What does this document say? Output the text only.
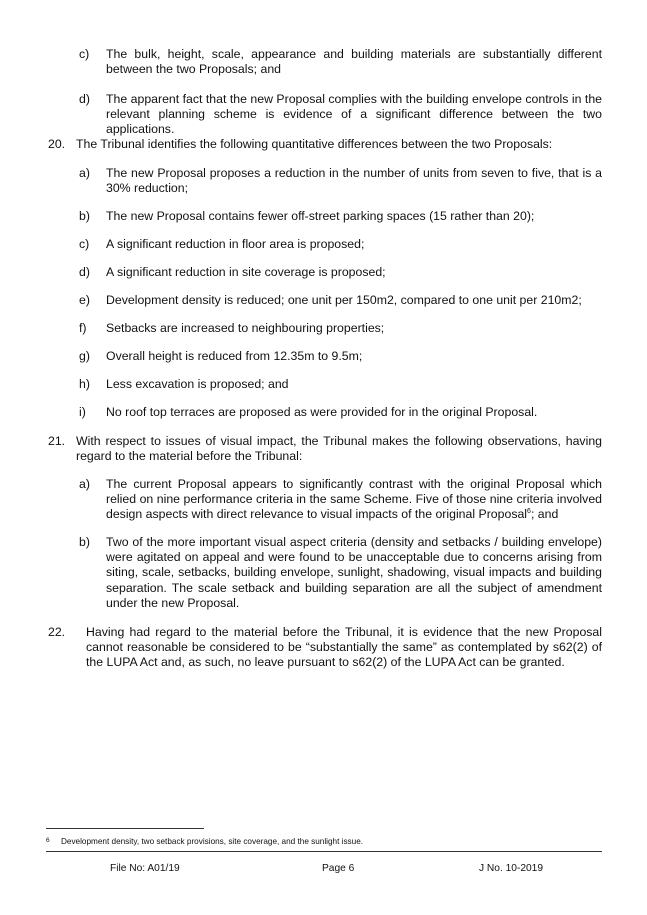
c) The bulk, height, scale, appearance and building materials are substantially different between the two Proposals; and
d) The apparent fact that the new Proposal complies with the building envelope controls in the relevant planning scheme is evidence of a significant difference between the two applications.
20. The Tribunal identifies the following quantitative differences between the two Proposals:
a) The new Proposal proposes a reduction in the number of units from seven to five, that is a 30% reduction;
b) The new Proposal contains fewer off-street parking spaces (15 rather than 20);
c) A significant reduction in floor area is proposed;
d) A significant reduction in site coverage is proposed;
e) Development density is reduced; one unit per 150m2, compared to one unit per 210m2;
f) Setbacks are increased to neighbouring properties;
g) Overall height is reduced from 12.35m to 9.5m;
h) Less excavation is proposed; and
i) No roof top terraces are proposed as were provided for in the original Proposal.
21. With respect to issues of visual impact, the Tribunal makes the following observations, having regard to the material before the Tribunal:
a) The current Proposal appears to significantly contrast with the original Proposal which relied on nine performance criteria in the same Scheme. Five of those nine criteria involved design aspects with direct relevance to visual impacts of the original Proposal$^6$; and
b) Two of the more important visual aspect criteria (density and setbacks / building envelope) were agitated on appeal and were found to be unacceptable due to concerns arising from siting, scale, setbacks, building envelope, sunlight, shadowing, visual impacts and building separation. The scale setback and building separation are all the subject of amendment under the new Proposal.
22. Having had regard to the material before the Tribunal, it is evidence that the new Proposal cannot reasonable be considered to be “substantially the same” as contemplated by s62(2) of the LUPA Act and, as such, no leave pursuant to s62(2) of the LUPA Act can be granted.
6 Development density, two setback provisions, site coverage, and the sunlight issue.
File No: A01/19	Page 6	J No. 10-2019
